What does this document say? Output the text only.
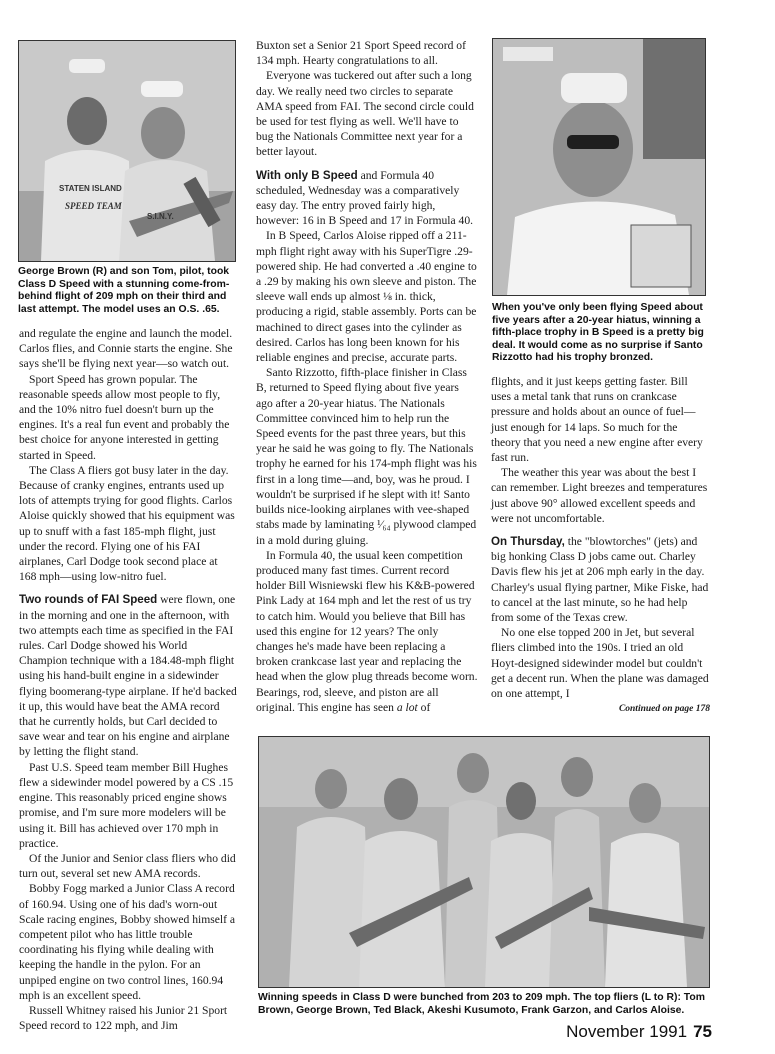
STATEN ISLAND
SPEED TEAM
S.I.N.Y.
George Brown (R) and son Tom, pilot, took Class D Speed with a stunning come-from-behind flight of 209 mph on their third and last attempt. The model uses an O.S. .65.

and regulate the engine and launch the model. Carlos flies, and Connie starts the engine. She says she'll be flying next year—so watch out.

Sport Speed has grown popular. The reasonable speeds allow most people to fly, and the 10% nitro fuel doesn't burn up the engines. It's a real fun event and probably the best choice for anyone interested in getting started in Speed.

The Class A fliers got busy later in the day. Because of cranky engines, entrants used up lots of attempts trying for good flights. Carlos Aloise quickly showed that his equipment was up to snuff with a fast 185-mph flight, just under the record. Flying one of his FAI airplanes, Carl Dodge took second place at 168 mph—using low-nitro fuel.

Two rounds of FAI Speed were flown, one in the morning and one in the afternoon, with two attempts each time as specified in the FAI rules. Carl Dodge showed his World Champion technique with a 184.48-mph flight using his hand-built engine in a sidewinder flying boomerang-type airplane. If he'd backed it up, this would have beat the AMA record that he currently holds, but Carl decided to save wear and tear on his engine and airplane by letting the flight stand.

Past U.S. Speed team member Bill Hughes flew a sidewinder model powered by a CS .15 engine. This reasonably priced engine shows promise, and I'm sure more modelers will be using it. Bill has achieved over 170 mph in practice.

Of the Junior and Senior class fliers who did turn out, several set new AMA records.

Bobby Fogg marked a Junior Class A record of 160.94. Using one of his dad's worn-out Scale racing engines, Bobby showed himself a competent pilot who has little trouble coordinating his flying while dealing with keeping the handle in the pylon. For an unpiped engine on two control lines, 160.94 mph is an excellent speed.

Russell Whitney raised his Junior 21 Sport Speed record to 122 mph, and Jim

Buxton set a Senior 21 Sport Speed record of 134 mph. Hearty congratulations to all.

Everyone was tuckered out after such a long day. We really need two circles to separate AMA speed from FAI. The second circle could be used for test flying as well. We'll have to bug the Nationals Committee next year for a better layout.

With only B Speed and Formula 40 scheduled, Wednesday was a comparatively easy day. The entry proved fairly high, however: 16 in B Speed and 17 in Formula 40.

In B Speed, Carlos Aloise ripped off a 211-mph flight right away with his SuperTigre .29-powered ship. He had converted a .40 engine to a .29 by making his own sleeve and piston. The sleeve wall ends up almost ⅛ in. thick, producing a rigid, stable assembly. Ports can be machined to direct gases into the cylinder as desired. Carlos has long been known for his reliable engines and precise, accurate parts.

Santo Rizzotto, fifth-place finisher in Class B, returned to Speed flying about five years ago after a 20-year hiatus. The Nationals Committee convinced him to help run the Speed events for the past three years, but this year he said he was going to fly. The Nationals trophy he earned for his 174-mph flight was his first in a long time—and, boy, was he proud. I wouldn't be surprised if he slept with it! Santo builds nice-looking airplanes with vee-shaped stabs made by laminating ¹⁄₆₄ plywood clamped in a mold during gluing.

In Formula 40, the usual keen competition produced many fast times. Current record holder Bill Wisniewski flew his K&B-powered Pink Lady at 164 mph and let the rest of us try to catch him. Would you believe that Bill has used this engine for 12 years? The only changes he's made have been replacing a broken crankcase last year and replacing the head when the glow plug threads become worn. Bearings, rod, sleeve, and piston are all original. This engine has seen a lot of

When you've only been flying Speed about five years after a 20-year hiatus, winning a fifth-place trophy in B Speed is a pretty big deal. It would come as no surprise if Santo Rizzotto had his trophy bronzed.

flights, and it just keeps getting faster. Bill uses a metal tank that runs on crankcase pressure and holds about an ounce of fuel—just enough for 14 laps. So much for the theory that you need a new engine after every fast run.

The weather this year was about the best I can remember. Light breezes and temperatures just above 90° allowed excellent speeds and were not uncomfortable.

On Thursday, the "blowtorches" (jets) and big honking Class D jobs came out. Charley Davis flew his jet at 206 mph early in the day. Charley's usual flying partner, Mike Fiske, had to cancel at the last minute, so he had help from some of the Texas crew.

No one else topped 200 in Jet, but several fliers climbed into the 190s. I tried an old Hoyt-designed sidewinder model but couldn't get a decent run. When the plane was damaged on one attempt, I

Continued on page 178
Winning speeds in Class D were bunched from 203 to 209 mph. The top fliers (L to R): Tom Brown, George Brown, Ted Black, Akeshi Kusumoto, Frank Garzon, and Carlos Aloise.
November 1991 75
